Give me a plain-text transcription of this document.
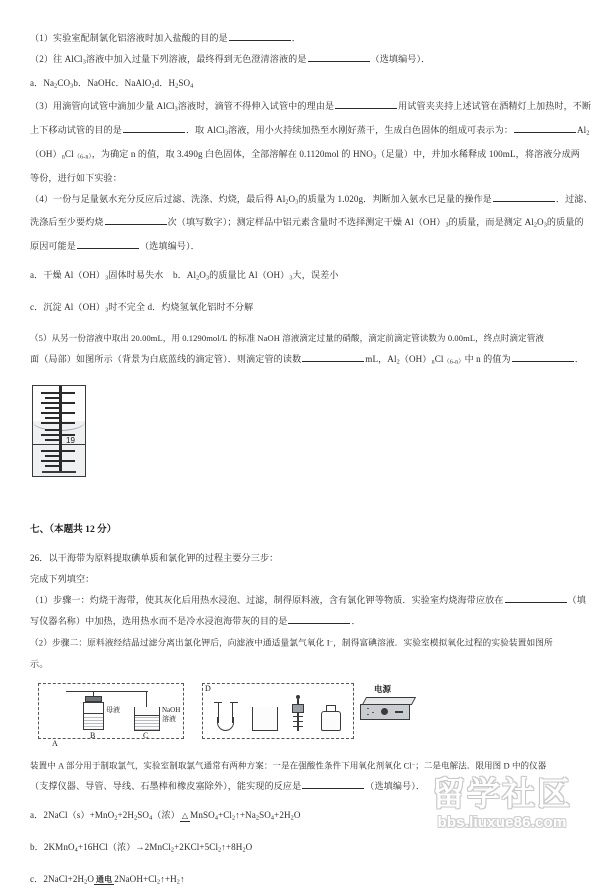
（1）实验室配制氯化铝溶液时加入盐酸的目的是	．
（2）往 AlCl$_3$溶液中加入过量下列溶液，最终得到无色澄清溶液的是	（选填编号）．
a．$Na_2CO_3b$．NaOHc．NaAlO$_2$d．$H_2SO_4$
（3）用滴管向试管中滴加少量 AlCl$_3$溶液时，滴管不得伸入试管中的理由是	用试管夹夹持上述试管在酒精灯上加热时，不断
上下移动试管的目的是	．取 AlCl$_3$溶液，用小火持续加热至水刚好蒸干，生成白色固体的组成可表示为：	$Al_2$
$(OH)_nCl_{(6-n)}$，为确定 n 的值，取 3.490g 白色固体，全部溶解在 0.1120mol 的 $HNO_3$（足量）中，并加水稀释成 100mL，将溶液分成两
等份，进行如下实验：
（4）一份与足量氨水充分反应后过滤、洗涤、灼烧，最后得 $Al_2O_3$的质量为 1.020g．判断加入氨水已足量的操作是	．过滤、
洗涤后至少要灼烧	次（填写数字）；测定样品中铝元素含量时不选择测定干燥 $Al(OH)_3$的质量，而是测定 $Al_2O_3$的质量的
原因可能是	（选填编号）．
a．干燥 $Al(OH)_3$固体时易失水 b．$Al_2O_3$的质量比 $Al(OH)_3$大，误差小
c．沉淀 $Al(OH)_3$时不完全 d．灼烧氢氧化铝时不分解
（5）从另一份溶液中取出 20.00mL，用 0.1290mol/L 的标准 NaOH 溶液滴定过量的硝酸，滴定前滴定管读数为 0.00mL，终点时滴定管液
面（局部）如图所示（背景为白底蓝线的滴定管）．则滴定管的读数	mL，$Al_2(OH)_nCl_{(6-n)}$中 n 的值为	．
19
七、（本题共 12 分）
26．以干海带为原料提取碘单质和氯化钾的过程主要分三步：
完成下列填空：
（1）步骤一：灼烧干海带，使其灰化后用热水浸泡、过滤，制得原料液，含有氯化钾等物质．实验室灼烧海带应放在	（填
写仪器名称）中加热，选用热水而不是冷水浸泡海带灰的目的是	．
（2）步骤二：原料液经结晶过滤分离出氯化钾后，向滤液中通适量氯气氧化 I−，制得富碘溶液．实验室模拟氧化过程的实验装置如图所
示。
A
B
母液
C
NaOH
溶液
D	电源
装置中 A 部分用于制取氯气，实验室制取氯气通常有两种方案：一是在强酸性条件下用氧化剂氧化 Cl−；二是电解法．限用图 D 中的仪器
（支撑仪器、导管、导线、石墨棒和橡皮塞除外），能实现的反应是	（选填编号）．
a．$2NaCl(s)+MnO_2+2H_2SO_4$（浓） △ $MnSO_4+Cl_2↑+Na_2SO_4+2H_2O$
b．2KMnO$_4$+16HCl（浓）$\to 2MnCl_2+2KCl+5Cl_2↑+8H_2O$
c．$2NaCl+2H_2O$ 通电 $2NaOH+Cl_2↑+H_2↑$
留学社区
bbs.liuxue86.com
